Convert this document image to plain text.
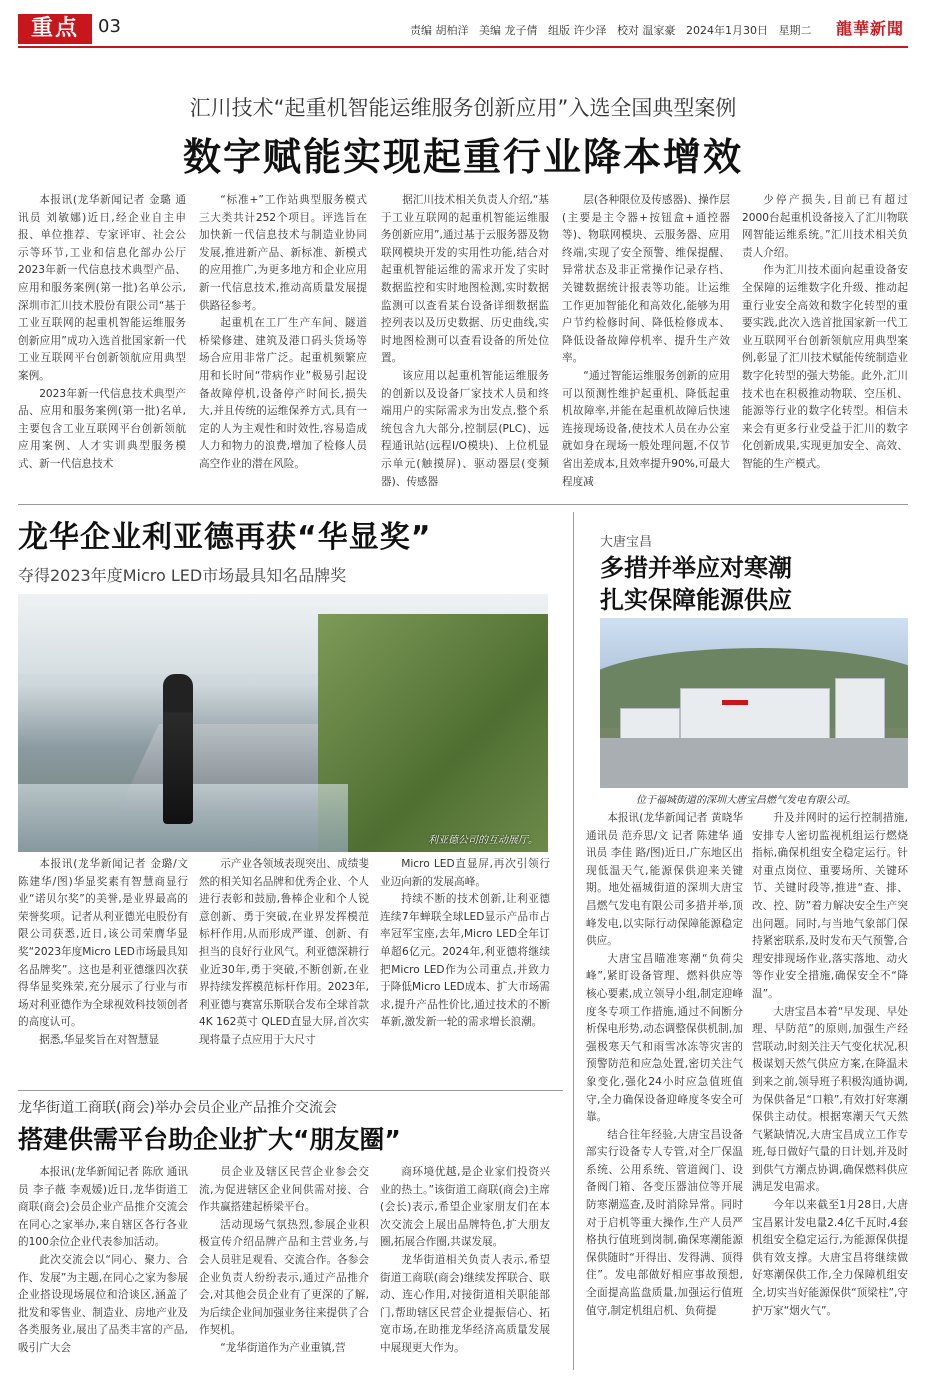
重点	03	责编 胡柏洋 美编 龙子倩 组版 许少泽 校对 温家豪 2024年1月30日 星期二	龍華新聞
汇川技术“起重机智能运维服务创新应用”入选全国典型案例
数字赋能实现起重行业降本增效

本报讯(龙华新闻记者 金璐 通讯员 刘敏娜)近日,经企业自主申报、单位推荐、专家评审、社会公示等环节,工业和信息化部办公厅2023年新一代信息技术典型产品、应用和服务案例(第一批)名单公示,深圳市汇川技术股份有限公司“基于工业互联网的起重机智能运维服务创新应用”成功入选首批国家新一代工业互联网平台创新领航应用典型案例。

2023年新一代信息技术典型产品、应用和服务案例(第一批)名单,主要包含工业互联网平台创新领航应用案例、人才实训典型服务模式、新一代信息技术

“标准+”工作站典型服务模式三大类共计252个项目。评选旨在加快新一代信息技术与制造业协同发展,推进新产品、新标准、新模式的应用推广,为更多地方和企业应用新一代信息技术,推动高质量发展提供路径参考。

起重机在工厂生产车间、隧道桥梁修建、建筑及港口码头货场等场合应用非常广泛。起重机频繁应用和长时间“带病作业”极易引起设备故障停机,设备停产时间长,损失大,并且传统的运维保养方式,具有一定的人为主观性和时效性,容易造成人力和物力的浪费,增加了检修人员高空作业的潜在风险。

据汇川技术相关负责人介绍,“基于工业互联网的起重机智能运维服务创新应用”,通过基于云服务器及物联网模块开发的实用性功能,结合对起重机智能运维的需求开发了实时数据监控和实时地图检测,实时数据监测可以查看某台设备详细数据监控列表以及历史数据、历史曲线,实时地图检测可以查看设备的所处位置。

该应用以起重机智能运维服务的创新以及设备厂家技术人员和终端用户的实际需求为出发点,整个系统包含九大部分,控制层(PLC)、远程通讯站(远程I/O模块)、上位机显示单元(触摸屏)、驱动器层(变频器)、传感器

层(各种限位及传感器)、操作层(主要是主令器+按钮盒+通控器等)、物联网模块、云服务器、应用终端,实现了安全预警、维保提醒、异常状态及非正常操作记录存档、关键数据统计报表等功能。让运维工作更加智能化和高效化,能够为用户节约检修时间、降低检修成本、降低设备故障停机率、提升生产效率。

“通过智能运维服务创新的应用可以预测性维护起重机、降低起重机故障率,并能在起重机故障后快速连接现场设备,使技术人员在办公室就如身在现场一般处理问题,不仅节省出差成本,且效率提升90%,可最大程度减

少停产损失,目前已有超过2000台起重机设备接入了汇川物联网智能运维系统。”汇川技术相关负责人介绍。

作为汇川技术面向起重设备安全保障的运维数字化升级、推动起重行业安全高效和数字化转型的重要实践,此次入选首批国家新一代工业互联网平台创新领航应用典型案例,彰显了汇川技术赋能传统制造业数字化转型的强大势能。此外,汇川技术也在积极推动物联、空压机、能源等行业的数字化转型。相信未来会有更多行业受益于汇川的数字化创新成果,实现更加安全、高效、智能的生产模式。

龙华企业利亚德再获“华显奖”
夺得2023年度Micro LED市场最具知名品牌奖
利亚德公司的互动展厅。

本报讯(龙华新闻记者 金璐/文 陈建华/图)华显奖素有智慧商显行业“诺贝尔奖”的美誉,是业界最高的荣誉奖项。记者从利亚德光电股份有限公司获悉,近日,该公司荣膺华显奖“2023年度Micro LED市场最具知名品牌奖”。这也是利亚德继四次获得华显奖殊荣,充分展示了行业与市场对利亚德作为全球视效科技领创者的高度认可。

据悉,华显奖旨在对智慧显

示产业各领域表现突出、成绩斐然的相关知名品牌和优秀企业、个人进行表彰和鼓励,鲁棒企业和个人锐意创新、勇于突破,在业界发挥模范标杆作用,从而形成严谨、创新、有担当的良好行业风气。利亚德深耕行业近30年,勇于突破,不断创新,在业界持续发挥模范标杆作用。2023年,利亚德与赛富乐斯联合发布全球首款4K 162英寸 QLED直显大屏,首次实现将量子点应用于大尺寸

Micro LED直显屏,再次引领行业迈向新的发展高峰。

持续不断的技术创新,让利亚德连续7年蝉联全球LED显示产品市占率冠军宝座,去年,Micro LED全年订单超6亿元。2024年,利亚德将继续把Micro LED作为公司重点,并致力于降低Micro LED成本、扩大市场需求,提升产品性价比,通过技术的不断革新,激发新一轮的需求增长浪潮。

大唐宝昌
多措并举应对寒潮
扎实保障能源供应
位于福城街道的深圳大唐宝昌燃气发电有限公司。

本报讯(龙华新闻记者 黄晓华 通讯员 范乔思/文 记者 陈建华 通讯员 李佳 路/图)近日,广东地区出现低温天气,能源保供迎来关键期。地处福城街道的深圳大唐宝昌燃气发电有限公司多措并举,顶峰发电,以实际行动保障能源稳定供应。

大唐宝昌瞄准寒潮“负荷尖峰”,紧盯设备管理、燃料供应等核心要素,成立领导小组,制定迎峰度冬专项工作措施,通过不间断分析保电形势,动态调整保供机制,加强极寒天气和雨雪冰冻等灾害的预警防范和应急处置,密切关注气象变化,强化24小时应急值班值守,全力确保设备迎峰度冬安全可靠。

结合往年经验,大唐宝昌设备部实行设备专人专管,对全厂保温系统、公用系统、管道阀门、设备阀门箱、各变压器油位等开展防寒潮巡查,及时消除异常。同时对于启机等重大操作,生产人员严格执行值班到岗制,确保寒潮能源保供随时“开得出、发得满、顶得住”。发电部做好相应事故预想,全面提高监盘质量,加强运行值班值守,制定机组启机、负荷提

升及并网时的运行控制措施,安排专人密切监视机组运行燃烧指标,确保机组安全稳定运行。针对重点岗位、重要场所、关键环节、关键时段等,推进“查、排、改、控、防”着力解决安全生产突出问题。同时,与当地气象部门保持紧密联系,及时发布天气预警,合理安排现场作业,落实落地、动火等作业安全措施,确保安全不“降温”。

大唐宝昌本着“早发现、早处理、早防范”的原则,加强生产经营联动,时刻关注天气变化状况,积极谋划天然气供应方案,在降温未到来之前,领导班子积极沟通协调,为保供备足“口粮”,有效打好寒潮保供主动仗。根据寒潮天气天然气紧缺情况,大唐宝昌成立工作专班,每日做好气量的日计划,并及时到供气方潮点协调,确保燃料供应满足发电需求。

今年以来截至1月28日,大唐宝昌累计发电量2.4亿千瓦时,4套机组安全稳定运行,为能源保供提供有效支撑。大唐宝昌将继续做好寒潮保供工作,全力保障机组安全,切实当好能源保供“顶梁柱”,守护万家“烟火气”。

龙华街道工商联(商会)举办会员企业产品推介交流会
搭建供需平台助企业扩大“朋友圈”

本报讯(龙华新闻记者 陈欣 通讯员 李子薇 李观媛)近日,龙华街道工商联(商会)会员企业产品推介交流会在同心之家举办,来自辖区各行各业的100余位企业代表参加活动。

此次交流会以“同心、聚力、合作、发展”为主题,在同心之家为参展企业搭设现场展位和洽谈区,涵盖了批发和零售业、制造业、房地产业及各类服务业,展出了品类丰富的产品,吸引广大会

员企业及辖区民营企业参会交流,为促进辖区企业间供需对接、合作共赢搭建起桥梁平台。

活动现场气氛热烈,参展企业积极宣传介绍品牌产品和主营业务,与会人员驻足观看、交流合作。各参会企业负责人纷纷表示,通过产品推介会,对其他会员企业有了更深的了解,为后续企业间加强业务往来提供了合作契机。

“龙华街道作为产业重镇,营

商环境优越,是企业家们投资兴业的热土。”该街道工商联(商会)主席(会长)表示,希望企业家朋友们在本次交流会上展出品牌特色,扩大朋友圈,拓展合作圈,共谋发展。

龙华街道相关负责人表示,希望街道工商联(商会)继续发挥联合、联动、连心作用,对接街道相关职能部门,帮助辖区民营企业提振信心、拓宽市场,在助推龙华经济高质量发展中展现更大作为。
